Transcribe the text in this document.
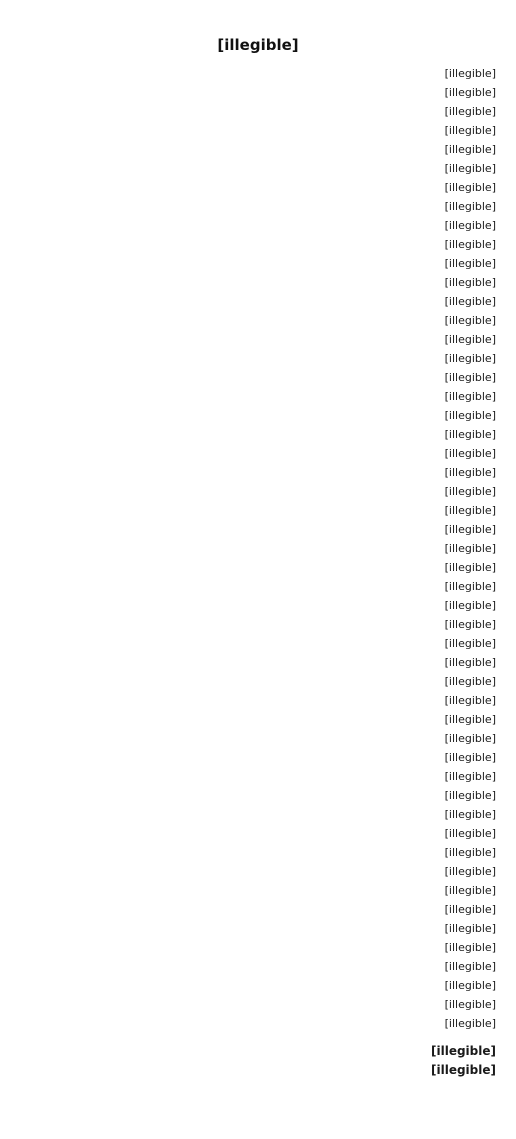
[illegible]
[illegible]
[illegible]
[illegible]
[illegible]
[illegible]
[illegible]
[illegible]
[illegible]
[illegible]
[illegible]
[illegible]
[illegible]
[illegible]
[illegible]
[illegible]
[illegible]
[illegible]
[illegible]
[illegible]
[illegible]
[illegible]
[illegible]
[illegible]
[illegible]
[illegible]
[illegible]
[illegible]
[illegible]
[illegible]
[illegible]
[illegible]
[illegible]
[illegible]
[illegible]
[illegible]
[illegible]
[illegible]
[illegible]
[illegible]
[illegible]
[illegible]
[illegible]
[illegible]
[illegible]
[illegible]
[illegible]
[illegible]
[illegible]
[illegible]
[illegible]
[illegible]
[illegible]
[illegible]
